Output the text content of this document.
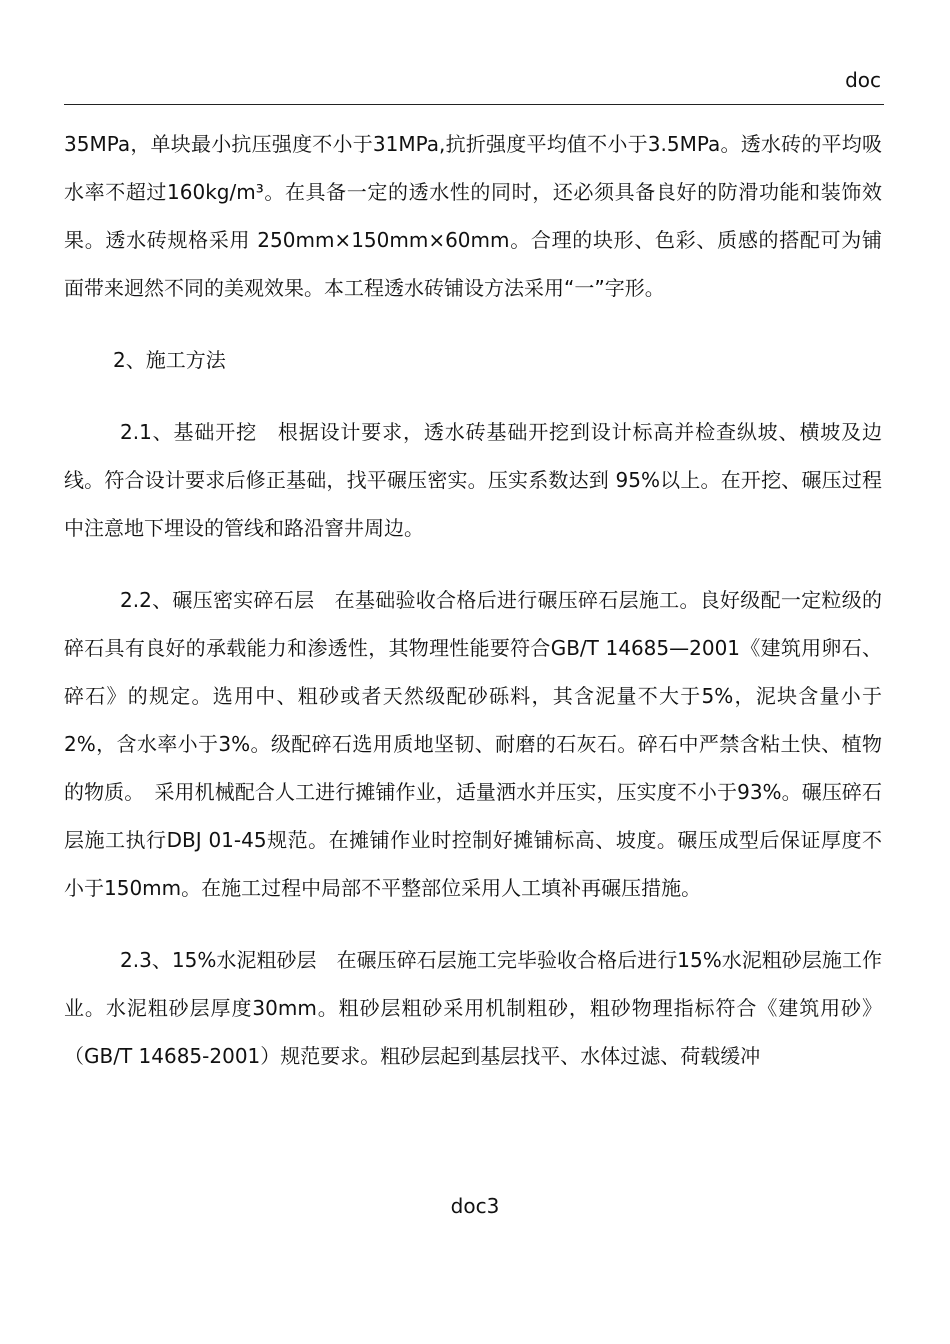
doc

35MPa，单块最小抗压强度不小于31MPa,抗折强度平均值不小于3.5MPa。透水砖的平均吸水率不超过160kg/m³。在具备一定的透水性的同时，还必须具备良好的防滑功能和装饰效果。透水砖规格采用 250mm×150mm×60mm。合理的块形、色彩、质感的搭配可为铺面带来迥然不同的美观效果。本工程透水砖铺设方法采用“一”字形。

2、施工方法

2.1、基础开挖　根据设计要求，透水砖基础开挖到设计标高并检查纵坡、横坡及边线。符合设计要求后修正基础，找平碾压密实。压实系数达到 95%以上。在开挖、碾压过程中注意地下埋设的管线和路沿窨井周边。

2.2、碾压密实碎石层　在基础验收合格后进行碾压碎石层施工。良好级配一定粒级的碎石具有良好的承载能力和渗透性，其物理性能要符合GB/T 14685—2001《建筑用卵石、碎石》的规定。选用中、粗砂或者天然级配砂砾料，其含泥量不大于5%，泥块含量小于2%，含水率小于3%。级配碎石选用质地坚韧、耐磨的石灰石。碎石中严禁含粘土快、植物的物质。　采用机械配合人工进行摊铺作业，适量洒水并压实，压实度不小于93%。碾压碎石层施工执行DBJ 01-45规范。在摊铺作业时控制好摊铺标高、坡度。碾压成型后保证厚度不小于150mm。在施工过程中局部不平整部位采用人工填补再碾压措施。

2.3、15%水泥粗砂层　在碾压碎石层施工完毕验收合格后进行15%水泥粗砂层施工作业。水泥粗砂层厚度30mm。粗砂层粗砂采用机制粗砂，粗砂物理指标符合《建筑用砂》（GB/T 14685-2001）规范要求。粗砂层起到基层找平、水体过滤、荷载缓冲

doc3
